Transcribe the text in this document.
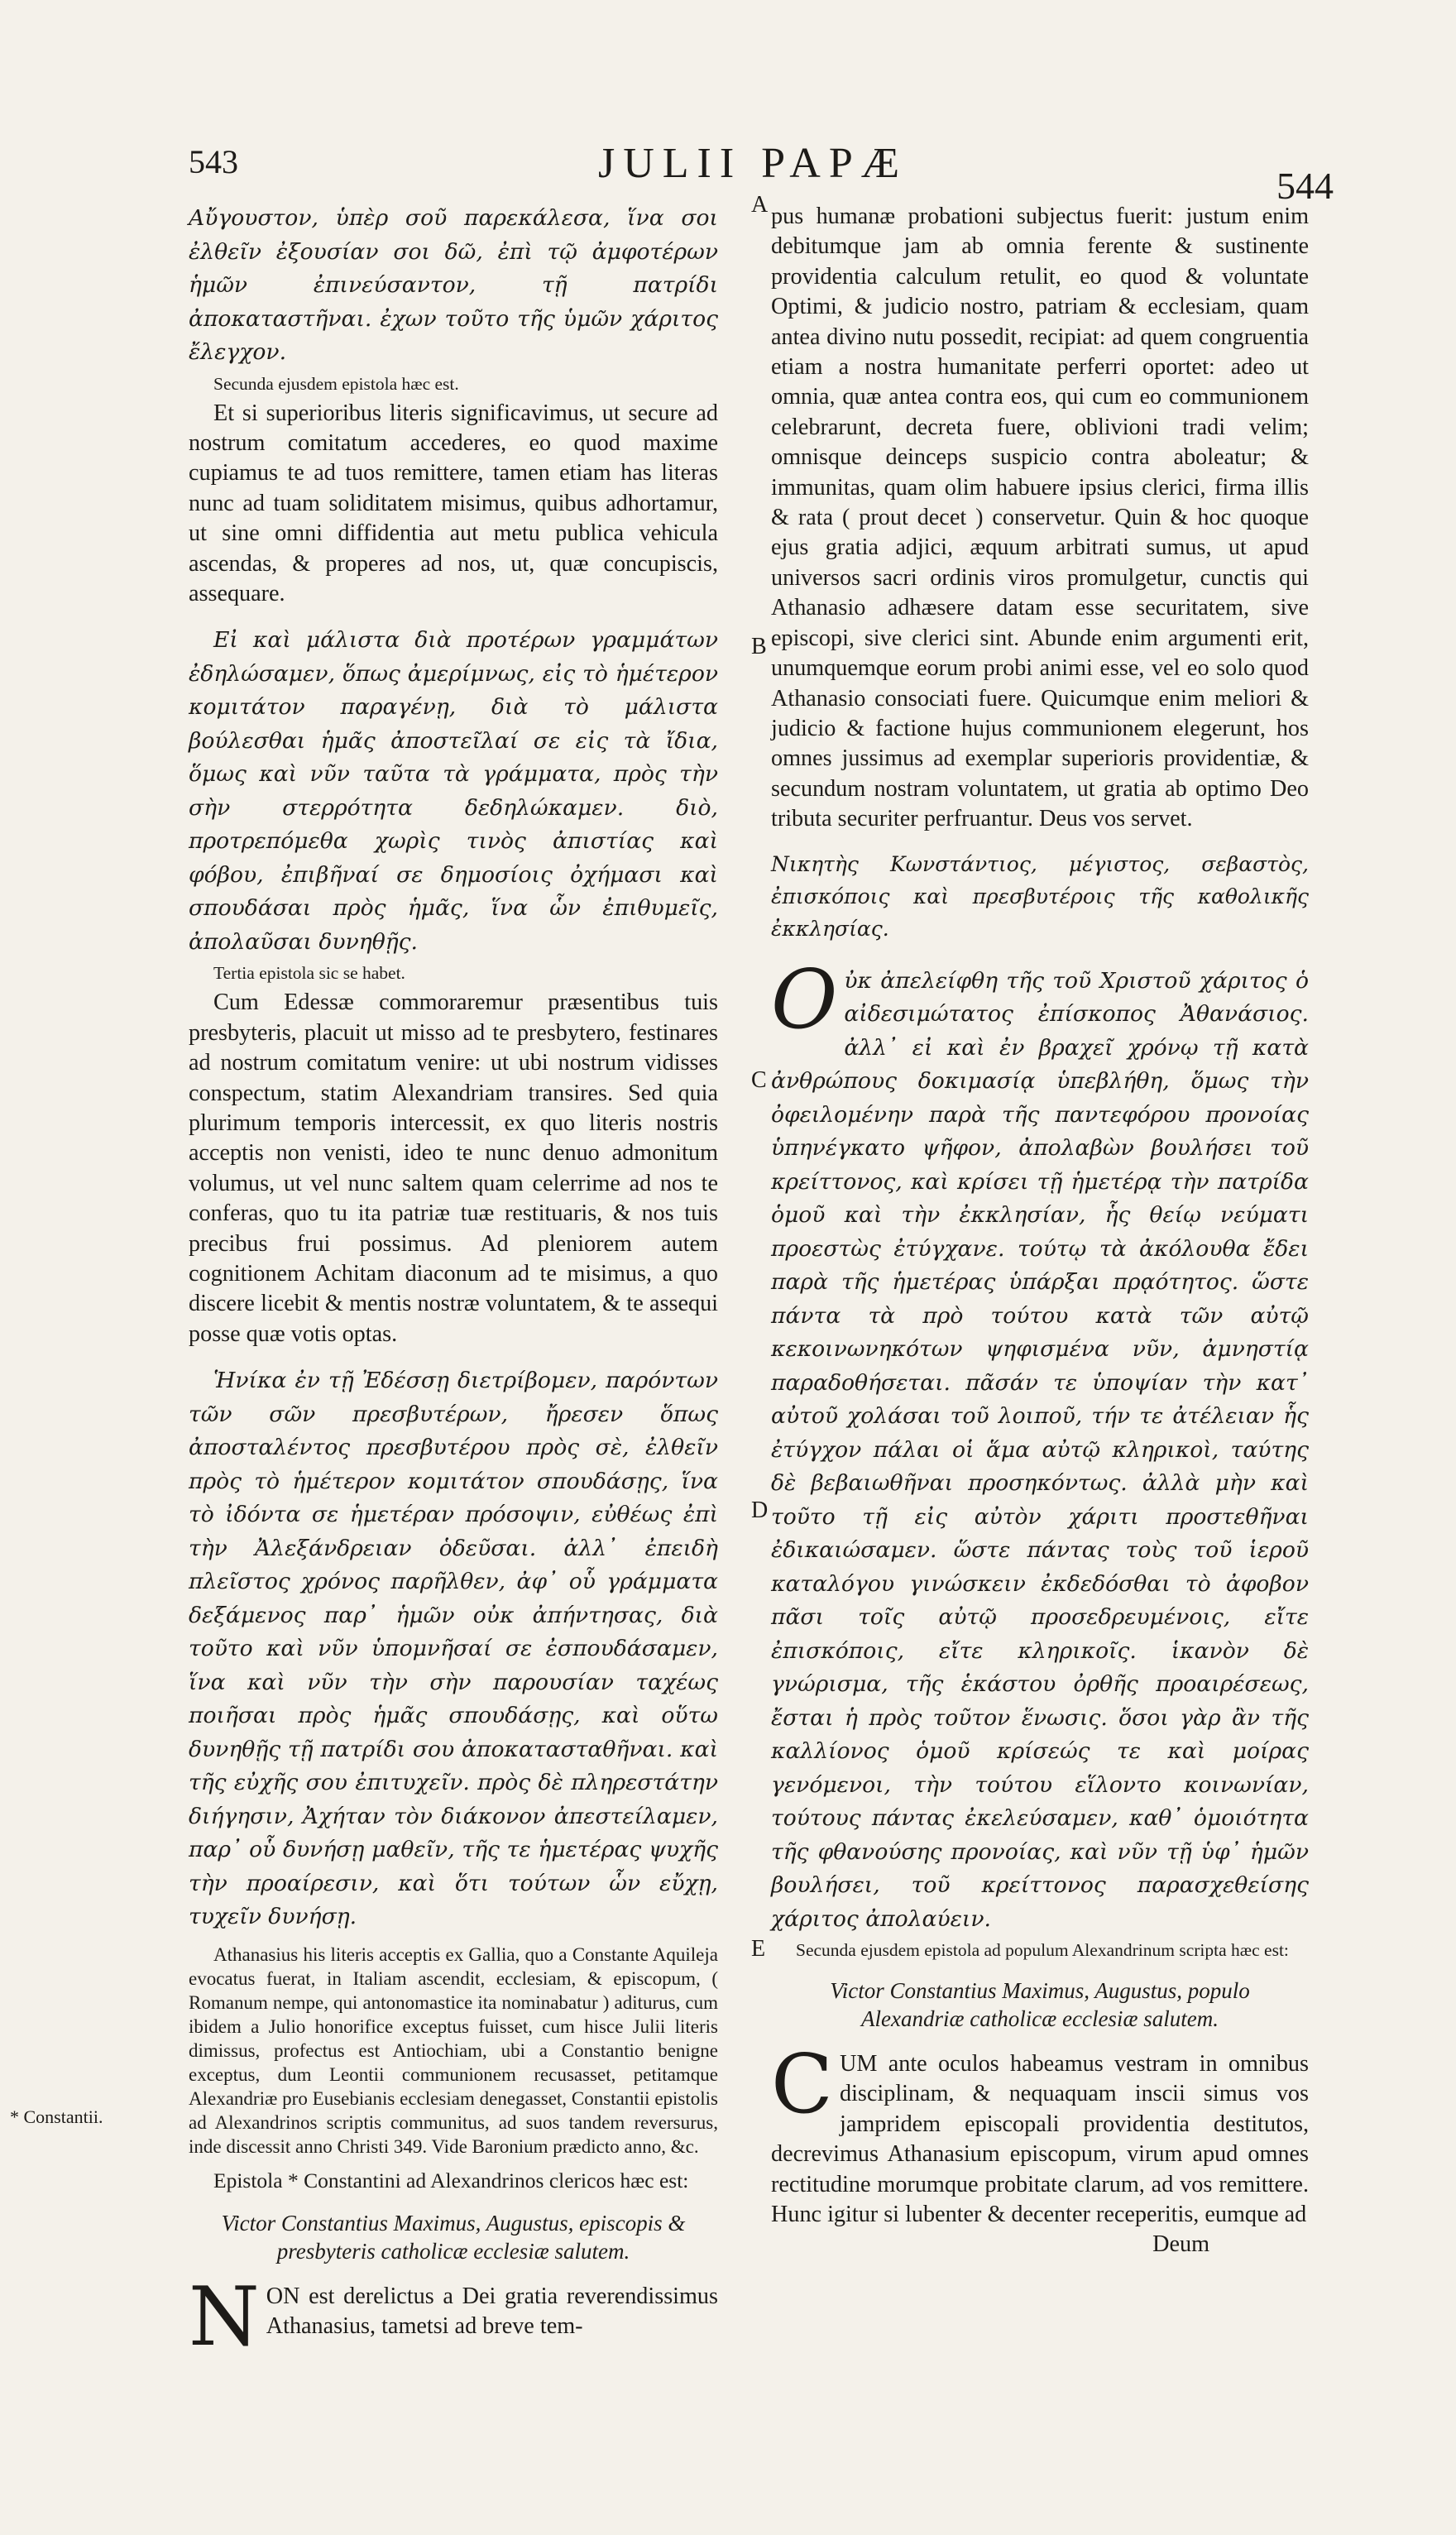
543	JULII PAPÆ	544
A
B
C
D
E
* Constantii.

Αὔγουστον, ὑπὲρ σοῦ παρεκάλεσα, ἵνα σοι ἐλθεῖν ἐξουσίαν σοι δῶ, ἐπὶ τῷ ἀμφοτέρων ἡμῶν ἐπινεύσαντον, τῇ πατρίδι ἀποκαταστῆναι. ἐχων τοῦτο τῆς ὑμῶν χάριτος ἔλεγχον.

Secunda ejusdem epistola hæc est.

Et si superioribus literis significavimus, ut secure ad nostrum comitatum accederes, eo quod maxime cupiamus te ad tuos remittere, tamen etiam has literas nunc ad tuam soliditatem misimus, quibus adhortamur, ut sine omni diffidentia aut metu publica vehicula ascendas, & properes ad nos, ut, quæ concupiscis, assequare.

Εἰ καὶ μάλιστα διὰ προτέρων γραμμάτων ἐδηλώσαμεν, ὅπως ἀμερίμνως, εἰς τὸ ἡμέτερον κομιτάτον παραγένῃ, διὰ τὸ μάλιστα βούλεσθαι ἡμᾶς ἀποστεῖλαί σε εἰς τὰ ἴδια, ὅμως καὶ νῦν ταῦτα τὰ γράμματα, πρὸς τὴν σὴν στερρότητα δεδηλώκαμεν. διὸ, προτρεπόμεθα χωρὶς τινὸς ἀπιστίας καὶ φόβου, ἐπιβῆναί σε δημοσίοις ὀχήμασι καὶ σπουδάσαι πρὸς ἡμᾶς, ἵνα ὧν ἐπιθυμεῖς, ἀπολαῦσαι δυνηθῇς.

Tertia epistola sic se habet.

Cum Edessæ commoraremur præsentibus tuis presbyteris, placuit ut misso ad te presbytero, festinares ad nostrum comitatum venire: ut ubi nostrum vidisses conspectum, statim Alexandriam transires. Sed quia plurimum temporis intercessit, ex quo literis nostris acceptis non venisti, ideo te nunc denuo admonitum volumus, ut vel nunc saltem quam celerrime ad nos te conferas, quo tu ita patriæ tuæ restituaris, & nos tuis precibus frui possimus. Ad pleniorem autem cognitionem Achitam diaconum ad te misimus, a quo discere licebit & mentis nostræ voluntatem, & te assequi posse quæ votis optas.

Ἡνίκα ἐν τῇ Ἐδέσσῃ διετρίβομεν, παρόντων τῶν σῶν πρεσβυτέρων, ἤρεσεν ὅπως ἀποσταλέντος πρεσβυτέρου πρὸς σὲ, ἐλθεῖν πρὸς τὸ ἡμέτερον κομιτάτον σπουδάσῃς, ἵνα τὸ ἰδόντα σε ἡμετέραν πρόσοψιν, εὐθέως ἐπὶ τὴν Ἀλεξάνδρειαν ὁδεῦσαι. ἀλλ᾽ ἐπειδὴ πλεῖστος χρόνος παρῆλθεν, ἀφ᾽ οὗ γράμματα δεξάμενος παρ᾽ ἡμῶν οὐκ ἀπήντησας, διὰ τοῦτο καὶ νῦν ὑπομνῆσαί σε ἐσπουδάσαμεν, ἵνα καὶ νῦν τὴν σὴν παρουσίαν ταχέως ποιῆσαι πρὸς ἡμᾶς σπουδάσῃς, καὶ οὕτω δυνηθῇς τῇ πατρίδι σου ἀποκατασταθῆναι. καὶ τῆς εὐχῆς σου ἐπιτυχεῖν. πρὸς δὲ πληρεστάτην διήγησιν, Ἀχήταν τὸν διάκονον ἀπεστείλαμεν, παρ᾽ οὗ δυνήσῃ μαθεῖν, τῆς τε ἡμετέρας ψυχῆς τὴν προαίρεσιν, καὶ ὅτι τούτων ὧν εὔχῃ, τυχεῖν δυνήσῃ.

Athanasius his literis acceptis ex Gallia, quo a Constante Aquileja evocatus fuerat, in Italiam ascendit, ecclesiam, & episcopum, ( Romanum nempe, qui antonomastice ita nominabatur ) aditurus, cum ibidem a Julio honorifice exceptus fuisset, cum hisce Julii literis dimissus, profectus est Antiochiam, ubi a Constantio benigne exceptus, dum Leontii communionem recusasset, petitamque Alexandriæ pro Eusebianis ecclesiam denegasset, Constantii epistolis ad Alexandrinos scriptis communitus, ad suos tandem reversurus, inde discessit anno Christi 349. Vide Baronium prædicto anno, &c.

Epistola * Constantini ad Alexandrinos clericos hæc est:

Victor Constantius Maximus, Augustus, episcopis & presbyteris catholicæ ecclesiæ salutem.

NON est derelictus a Dei gratia reverendissimus Athanasius, tametsi ad breve tem-

pus humanæ probationi subjectus fuerit: justum enim debitumque jam ab omnia ferente & sustinente providentia calculum retulit, eo quod & voluntate Optimi, & judicio nostro, patriam & ecclesiam, quam antea divino nutu possedit, recipiat: ad quem congruentia etiam a nostra humanitate perferri oportet: adeo ut omnia, quæ antea contra eos, qui cum eo communionem celebrarunt, decreta fuere, oblivioni tradi velim; omnisque deinceps suspicio contra aboleatur; & immunitas, quam olim habuere ipsius clerici, firma illis & rata ( prout decet ) conservetur. Quin & hoc quoque ejus gratia adjici, æquum arbitrati sumus, ut apud universos sacri ordinis viros promulgetur, cunctis qui Athanasio adhæsere datam esse securitatem, sive episcopi, sive clerici sint. Abunde enim argumenti erit, unumquemque eorum probi animi esse, vel eo solo quod Athanasio consociati fuere. Quicumque enim meliori & judicio & factione hujus communionem elegerunt, hos omnes jussimus ad exemplar superioris providentiæ, & secundum nostram voluntatem, ut gratia ab optimo Deo tributa securiter perfruantur. Deus vos servet.

Νικητὴς Κωνστάντιος, μέγιστος, σεβαστὸς, ἐπισκόποις καὶ πρεσβυτέροις τῆς καθολικῆς ἐκκλησίας.

Οὐκ ἀπελείφθη τῆς τοῦ Χριστοῦ χάριτος ὁ αἰδεσιμώτατος ἐπίσκοπος Ἀθανάσιος. ἀλλ᾽ εἰ καὶ ἐν βραχεῖ χρόνῳ τῇ κατὰ ἀνθρώπους δοκιμασίᾳ ὑπεβλήθη, ὅμως τὴν ὀφειλομένην παρὰ τῆς παντεφόρου προνοίας ὑπηνέγκατο ψῆφον, ἀπολαβὼν βουλήσει τοῦ κρείττονος, καὶ κρίσει τῇ ἡμετέρᾳ τὴν πατρίδα ὁμοῦ καὶ τὴν ἐκκλησίαν, ἧς θείῳ νεύματι προεστὼς ἐτύγχανε. τούτῳ τὰ ἀκόλουθα ἔδει παρὰ τῆς ἡμετέρας ὑπάρξαι πρᾳότητος. ὥστε πάντα τὰ πρὸ τούτου κατὰ τῶν αὐτῷ κεκοινωνηκότων ψηφισμένα νῦν, ἀμνηστίᾳ παραδοθήσεται. πᾶσάν τε ὑποψίαν τὴν κατ᾽ αὐτοῦ χολάσαι τοῦ λοιποῦ, τήν τε ἀτέλειαν ἧς ἐτύγχον πάλαι οἱ ἅμα αὐτῷ κληρικοὶ, ταύτης δὲ βεβαιωθῆναι προσηκόντως. ἀλλὰ μὴν καὶ τοῦτο τῇ εἰς αὐτὸν χάριτι προστεθῆναι ἐδικαιώσαμεν. ὥστε πάντας τοὺς τοῦ ἱεροῦ καταλόγου γινώσκειν ἐκδεδόσθαι τὸ ἀφοβον πᾶσι τοῖς αὐτῷ προσεδρευμένοις, εἴτε ἐπισκόποις, εἴτε κληρικοῖς. ἱκανὸν δὲ γνώρισμα, τῆς ἑκάστου ὀρθῆς προαιρέσεως, ἔσται ἡ πρὸς τοῦτον ἕνωσις. ὅσοι γὰρ ἂν τῆς καλλίονος ὁμοῦ κρίσεώς τε καὶ μοίρας γενόμενοι, τὴν τούτου εἵλοντο κοινωνίαν, τούτους πάντας ἐκελεύσαμεν, καθ᾽ ὁμοιότητα τῆς φθανούσης προνοίας, καὶ νῦν τῇ ὑφ᾽ ἡμῶν βουλήσει, τοῦ κρείττονος παρασχεθείσης χάριτος ἀπολαύειν.

Secunda ejusdem epistola ad populum Alexandrinum scripta hæc est:

Victor Constantius Maximus, Augustus, populo Alexandriæ catholicæ ecclesiæ salutem.

CUM ante oculos habeamus vestram in omnibus disciplinam, & nequaquam inscii simus vos jampridem episcopali providentia destitutos, decrevimus Athanasium episcopum, virum apud omnes rectitudine morumque probitate clarum, ad vos remittere. Hunc igitur si lubenter & decenter receperitis, eumque ad

Deum
